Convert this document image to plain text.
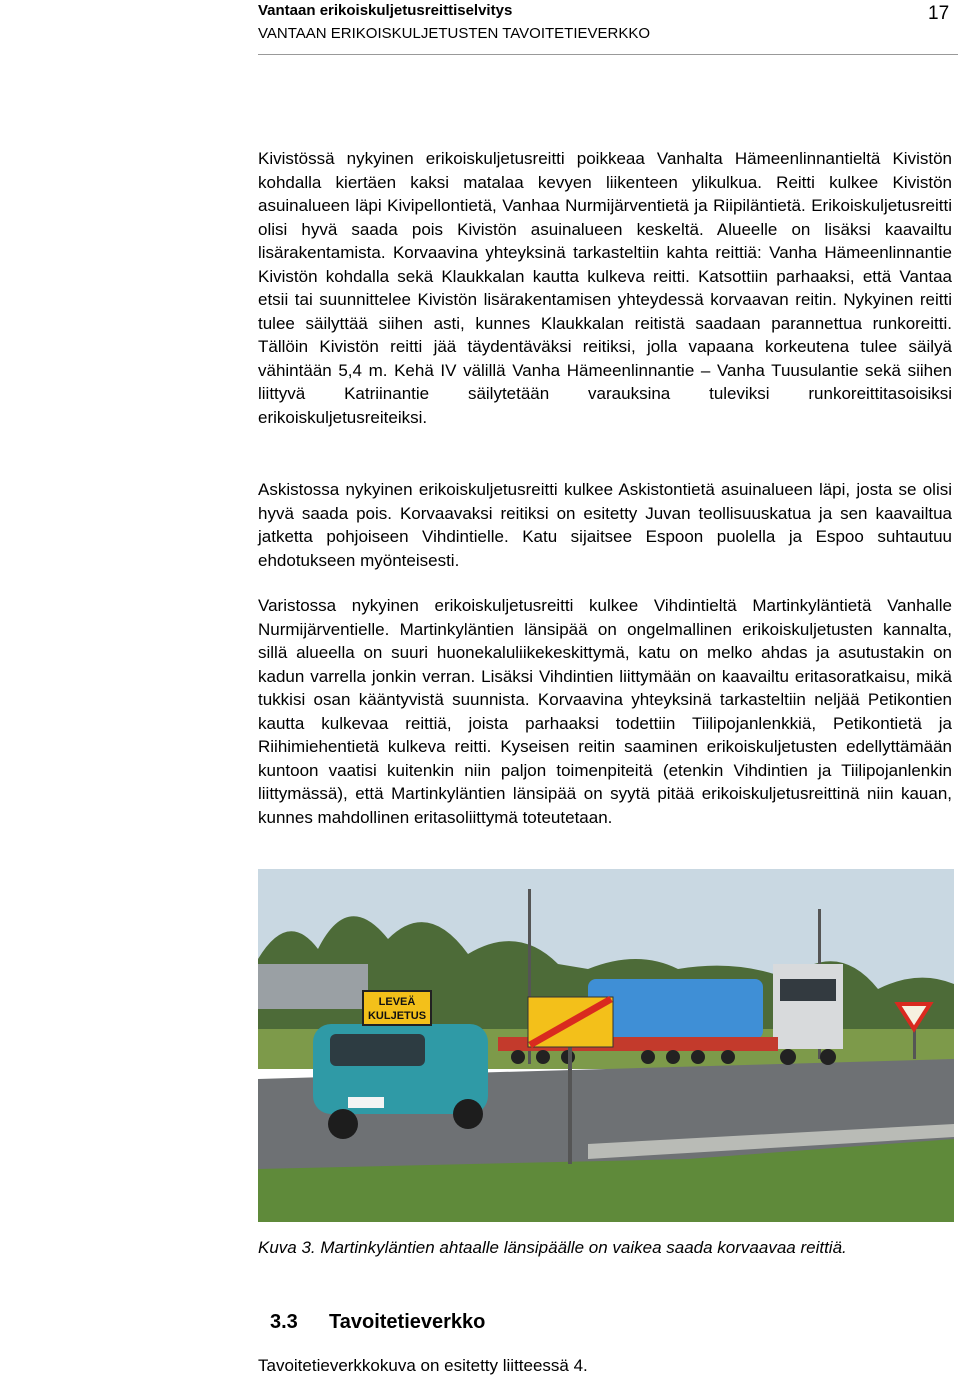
Vantaan erikoiskuljetusreittiselvitys
VANTAAN ERIKOISKULJETUSTEN TAVOITETIEVERKKO
17

Kivistössä nykyinen erikoiskuljetusreitti poikkeaa Vanhalta Hämeenlinnantieltä Kivistön kohdalla kiertäen kaksi matalaa kevyen liikenteen ylikulkua. Reitti kulkee Kivistön asuinalueen läpi Kivipellontietä, Vanhaa Nurmijärventietä ja Riipiläntietä. Erikoiskuljetusreitti olisi hyvä saada pois Kivistön asuinalueen keskeltä. Alueelle on lisäksi kaavailtu lisärakentamista. Korvaavina yhteyksinä tarkasteltiin kahta reittiä: Vanha Hämeenlinnantie Kivistön kohdalla sekä Klaukkalan kautta kulkeva reitti. Katsottiin parhaaksi, että Vantaa etsii tai suunnittelee Kivistön lisärakentamisen yhteydessä korvaavan reitin. Nykyinen reitti tulee säilyttää siihen asti, kunnes Klaukkalan reitistä saadaan parannettua runkoreitti. Tällöin Kivistön reitti jää täydentäväksi reitiksi, jolla vapaana korkeutena tulee säilyä vähintään 5,4 m. Kehä IV välillä Vanha Hämeenlinnantie – Vanha Tuusulantie sekä siihen liittyvä Katriinantie säilytetään varauksina tuleviksi runkoreittitasoisiksi erikoiskuljetusreiteiksi.

Askistossa nykyinen erikoiskuljetusreitti kulkee Askistontietä asuinalueen läpi, josta se olisi hyvä saada pois. Korvaavaksi reitiksi on esitetty Juvan teollisuuskatua ja sen kaavailtua jatketta pohjoiseen Vihdintielle. Katu sijaitsee Espoon puolella ja Espoo suhtautuu ehdotukseen myönteisesti.

Varistossa nykyinen erikoiskuljetusreitti kulkee Vihdintieltä Martinkyläntietä Vanhalle Nurmijärventielle. Martinkyläntien länsipää on ongelmallinen erikoiskuljetusten kannalta, sillä alueella on suuri huonekaluliikekeskittymä, katu on melko ahdas ja asutustakin on kadun varrella jonkin verran. Lisäksi Vihdintien liittymään on kaavailtu eritasoratkaisu, mikä tukkisi osan kääntyvistä suunnista. Korvaavina yhteyksinä tarkasteltiin neljää Petikontien kautta kulkevaa reittiä, joista parhaaksi todettiin Tiilipojanlenkkiä, Petikontietä ja Riihimiehentietä kulkeva reitti. Kyseisen reitin saaminen erikoiskuljetusten edellyttämään kuntoon vaatisi kuitenkin niin paljon toimenpiteitä (etenkin Vihdintien ja Tiilipojanlenkin liittymässä), että Martinkyläntien länsipää on syytä pitää erikoiskuljetusreittinä niin kauan, kunnes mahdollinen eritasoliittymä toteutetaan.

LEVEÄ
KULJETUS
Kuva 3. Martinkyläntien ahtaalle länsipäälle on vaikea saada korvaavaa reittiä.
3.3 Tavoitetieverkko
Tavoitetieverkkokuva on esitetty liitteessä 4.
